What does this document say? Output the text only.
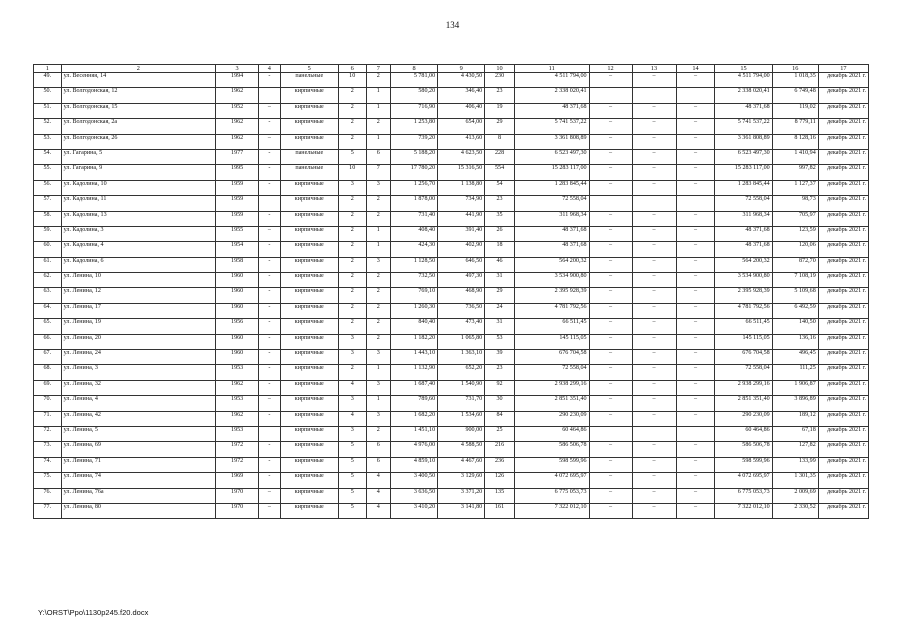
134
1	2	3	4	5	6	7	8	9	10	11	12	13	14	15	16	17
49.	ул. Весенняя, 14	1994	-	панельные	10	2	5 781,00	4 430,50	230	4 511 794,00	–	–	–	4 511 794,00	1 018,35	декабрь 2021 г.
50.	ул. Волгодонская, 12	1962		кирпичные	2	1	580,20	346,40	23	2 338 020,41				2 338 020,41	6 749,48	декабрь 2021 г.
51.	ул. Волгодонская, 15	1952	–	кирпичные	2	1	716,90	406,40	19	48 371,68	–	–	–	48 371,68	119,02	декабрь 2021 г.
52.	ул. Волгодонская, 2а	1962	-	кирпичные	2	2	1 253,80	654,00	29	5 741 537,22	–	–	–	5 741 537,22	8 779,11	декабрь 2021 г.
53.	ул. Волгодонская, 26	1962	–	кирпичные	2	1	739,20	413,60	8	3 361 808,89	–	–	–	3 361 808,89	8 128,16	декабрь 2021 г.
54.	ул. Гагарина, 5	1977	-	панельные	5	6	5 188,20	4 623,50	228	6 523 497,30	–	–	–	6 523 497,30	1 410,94	декабрь 2021 г.
55.	ул. Гагарина, 9	1995	-	панельные	10	7	17 780,20	15 316,50	554	15 283 117,00	–	–	–	15 283 117,00	997,82	декабрь 2021 г.
56.	ул. Кадолина, 10	1959	-	кирпичные	3	3	1 256,70	1 138,80	54	1 283 845,44	–	–	–	1 283 845,44	1 127,37	декабрь 2021 г.
57.	ул. Кадолина, 11	1959		кирпичные	2	2	1 878,00	734,90	23	72 558,04				72 558,04	98,73	декабрь 2021 г.
58.	ул. Кадолина, 13	1959	-	кирпичные	2	2	731,40	441,90	35	311 968,34	–	–	–	311 968,34	705,97	декабрь 2021 г.
59.	ул. Кадолина, 3	1955	–	кирпичные	2	1	408,40	391,40	26	48 371,68	–	–	–	48 371,68	123,59	декабрь 2021 г.
60.	ул. Кадолина, 4	1954	-	кирпичные	2	1	424,30	402,90	18	48 371,68	–	–	–	48 371,68	120,06	декабрь 2021 г.
61.	ул. Кадолина, 6	1958	-	кирпичные	2	3	1 128,50	646,50	46	564 200,32	–	–	–	564 200,32	872,70	декабрь 2021 г.
62.	ул. Ленина, 10	1960	-	кирпичные	2	2	732,50	497,30	31	3 534 900,80	–	–	–	3 534 900,80	7 108,19	декабрь 2021 г.
63.	ул. Ленина, 12	1960	-	кирпичные	2	2	769,10	468,90	29	2 395 928,39	–	–	–	2 395 928,39	5 109,68	декабрь 2021 г.
64.	ул. Ленина, 17	1960	-	кирпичные	2	2	1 260,30	736,50	24	4 781 792,56	–	–	–	4 781 792,56	6 492,59	декабрь 2021 г.
65.	ул. Ленина, 19	1956	-	кирпичные	2	2	840,40	473,40	31	66 511,45	–	–	–	66 511,45	140,50	декабрь 2021 г.
66.	ул. Ленина, 20	1960	-	кирпичные	3	2	1 182,20	1 065,80	53	145 115,05	–	–	–	145 115,05	136,16	декабрь 2021 г.
67.	ул. Ленина, 24	1960	-	кирпичные	3	3	1 443,10	1 363,10	39	676 704,58	–	–	–	676 704,58	496,45	декабрь 2021 г.
68.	ул. Ленина, 3	1953	-	кирпичные	2	1	1 132,90	652,20	23	72 558,04	–	–	–	72 558,04	111,25	декабрь 2021 г.
69.	ул. Ленина, 32	1962	-	кирпичные	4	3	1 687,40	1 540,90	92	2 938 299,16	–	–	–	2 938 299,16	1 906,87	декабрь 2021 г.
70.	ул. Ленина, 4	1953	–	кирпичные	3	1	789,60	731,70	30	2 851 351,40	–	–	–	2 851 351,40	3 896,89	декабрь 2021 г.
71.	ул. Ленина, 42	1962	-	кирпичные	4	3	1 682,20	1 534,60	84	290 230,09	–	–	–	290 230,09	189,12	декабрь 2021 г.
72.	ул. Ленина, 5	1953		кирпичные	3	2	1 451,10	900,00	25	60 464,86				60 464,86	67,18	декабрь 2021 г.
73.	ул. Ленина, 69	1972	-	кирпичные	5	6	4 976,00	4 588,50	216	586 506,78	–	–	–	586 506,78	127,82	декабрь 2021 г.
74.	ул. Ленина, 71	1972	-	кирпичные	5	6	4 859,10	4 467,60	236	598 599,96	–	–	–	598 599,96	133,99	декабрь 2021 г.
75.	ул. Ленина, 74	1969	-	кирпичные	5	4	3 400,50	3 129,60	126	4 072 695,97	–	–	–	4 072 695,97	1 301,35	декабрь 2021 г.
76.	ул. Ленина, 76а	1970	–	кирпичные	5	4	3 636,50	3 371,20	135	6 775 053,73	–	–	–	6 775 053,73	2 009,69	декабрь 2021 г.
77.	ул. Ленина, 80	1970	–	кирпичные	5	4	3 410,20	3 141,80	161	7 322 012,10	–	–	–	7 322 012,10	2 330,52	декабрь 2021 г.
Y:\ORST\Ppo\1130p245.f20.docx
